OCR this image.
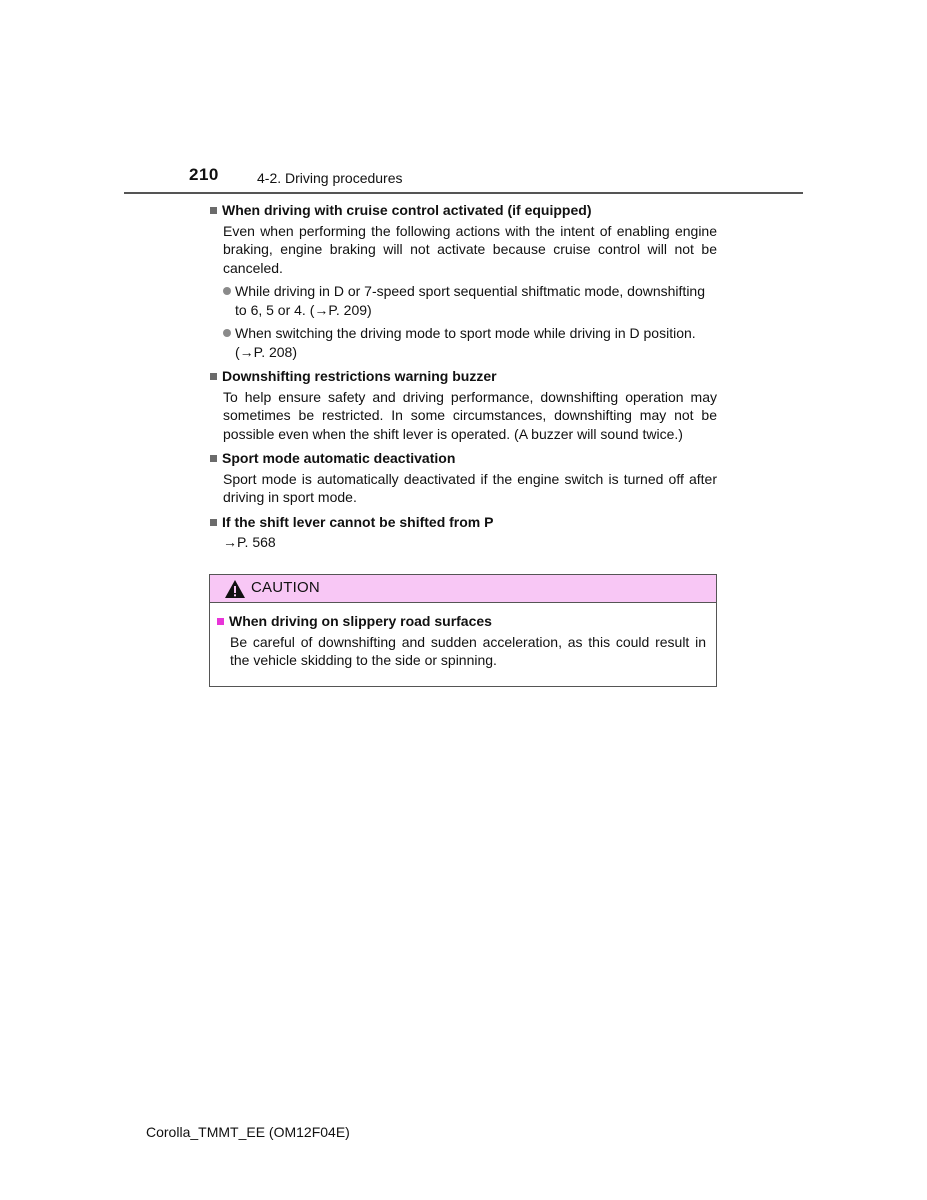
210	4-2. Driving procedures
When driving with cruise control activated (if equipped)
Even when performing the following actions with the intent of enabling engine braking, engine braking will not activate because cruise control will not be canceled.
While driving in D or 7-speed sport sequential shiftmatic mode, downshifting to 6, 5 or 4. (→P. 209)
When switching the driving mode to sport mode while driving in D position. (→P. 208)
Downshifting restrictions warning buzzer
To help ensure safety and driving performance, downshifting operation may sometimes be restricted. In some circumstances, downshifting may not be possible even when the shift lever is operated. (A buzzer will sound twice.)
Sport mode automatic deactivation
Sport mode is automatically deactivated if the engine switch is turned off after driving in sport mode.
If the shift lever cannot be shifted from P
→P. 568
CAUTION
When driving on slippery road surfaces
Be careful of downshifting and sudden acceleration, as this could result in the vehicle skidding to the side or spinning.
Corolla_TMMT_EE (OM12F04E)
